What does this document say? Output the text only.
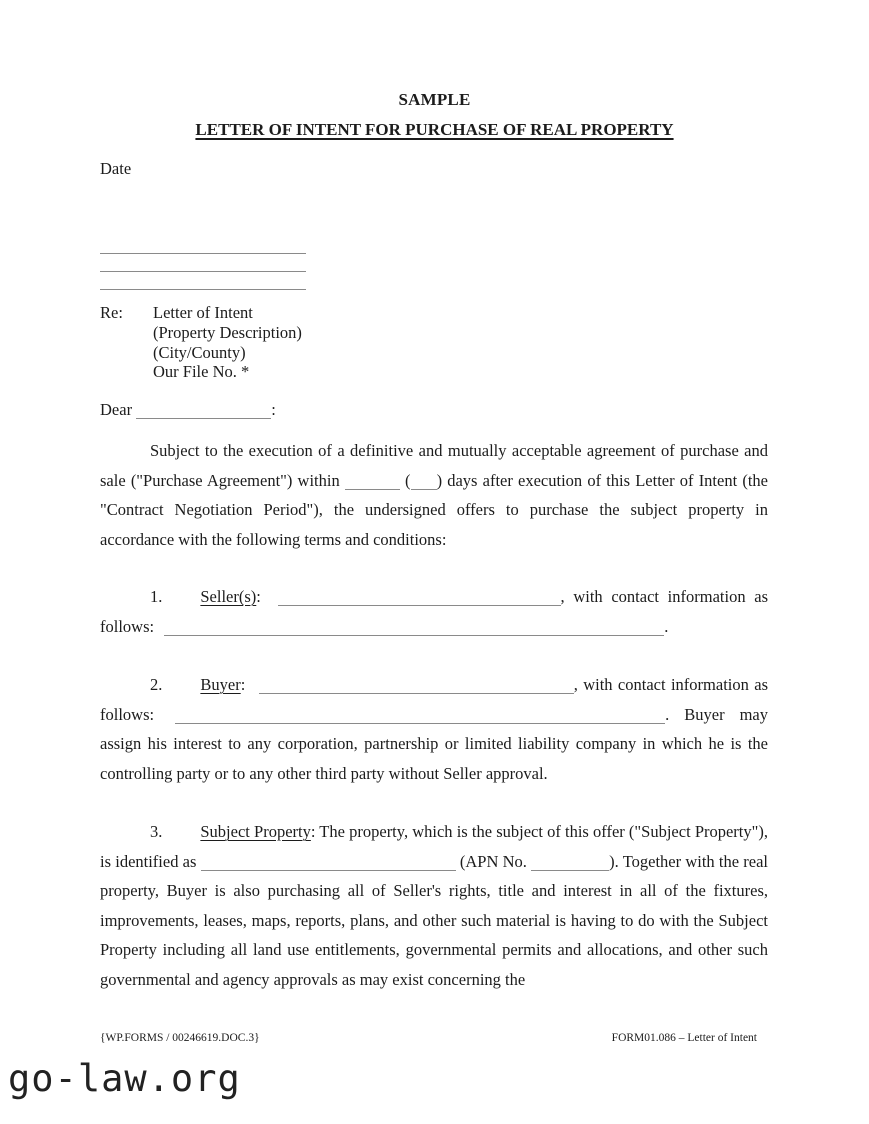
SAMPLE
LETTER OF INTENT FOR PURCHASE OF REAL PROPERTY
Date
Re:	Letter of Intent
(Property Description)
(City/County)
Our File No. *
Dear	:

Subject to the execution of a definitive and mutually acceptable agreement of purchase and sale ("Purchase Agreement") within	( ) days after execution of this Letter of Intent (the "Contract Negotiation Period"), the undersigned offers to purchase the subject property in accordance with the following terms and conditions:

1. Seller(s):	, with contact information as follows:	.

2. Buyer:	, with contact information as follows:	. Buyer may assign his interest to any corporation, partnership or limited liability company in which he is the controlling party or to any other third party without Seller approval.

3. Subject Property: The property, which is the subject of this offer ("Subject Property"), is identified as	(APN No.	). Together with the real property, Buyer is also purchasing all of Seller's rights, title and interest in all of the fixtures, improvements, leases, maps, reports, plans, and other such material is having to do with the Subject Property including all land use entitlements, governmental permits and allocations, and other such governmental and agency approvals as may exist concerning the

{WP.FORMS / 00246619.DOC.3}	FORM01.086 – Letter of Intent
go-law.org
